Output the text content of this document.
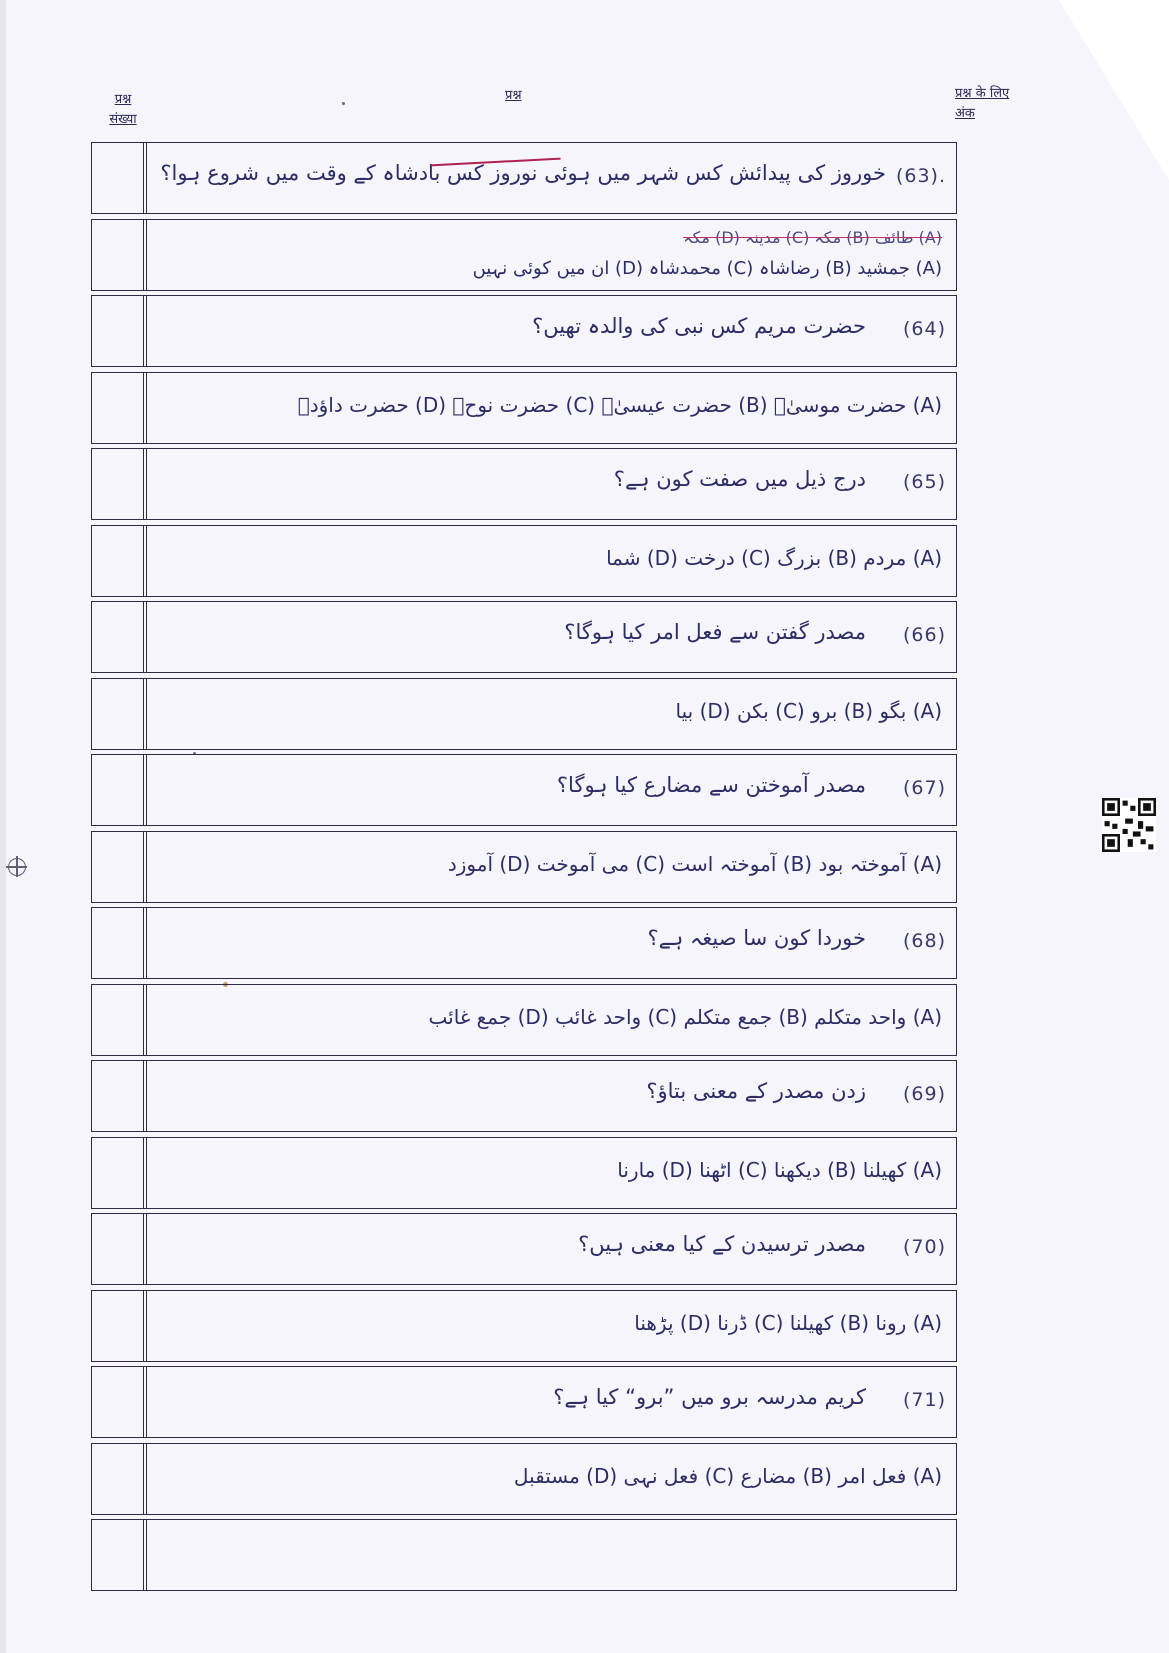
प्रश्न संख्या
प्रश्न	प्रश्न के लिए अंक
(63).
خوروز کی پیدائش کس شہر میں ہوئی نوروز کس بادشاہ کے وقت میں شروع ہوا؟
(A) طائف (B) مکہ (C) مدینہ (D) مکہ
(A) جمشید (B) رضاشاہ (C) محمدشاہ (D) ان میں کوئی نہیں
(64)
حضرت مریم کس نبی کی والدہ تھیں؟
(A) حضرت موسیٰؑ (B) حضرت عیسیٰؑ (C) حضرت نوحؑ (D) حضرت داؤدؑ
(65)
درج ذیل میں صفت کون ہے؟
(A) مردم (B) بزرگ (C) درخت (D) شما
(66)
مصدر گفتن سے فعل امر کیا ہوگا؟
(A) بگو (B) برو (C) بکن (D) بیا
(67)
مصدر آموختن سے مضارع کیا ہوگا؟
(A) آموختہ بود (B) آموختہ است (C) می آموخت (D) آموزد
(68)
خوردا کون سا صیغہ ہے؟
(A) واحد متکلم (B) جمع متکلم (C) واحد غائب (D) جمع غائب
(69)
زدن مصدر کے معنی بتاؤ؟
(A) کھیلنا (B) دیکھنا (C) اٹھنا (D) مارنا
(70)
مصدر ترسیدن کے کیا معنی ہیں؟
(A) رونا (B) کھیلنا (C) ڈرنا (D) پڑھنا
(71)
کریم مدرسہ برو میں ”برو“ کیا ہے؟
(A) فعل امر (B) مضارع (C) فعل نہی (D) مستقبل
